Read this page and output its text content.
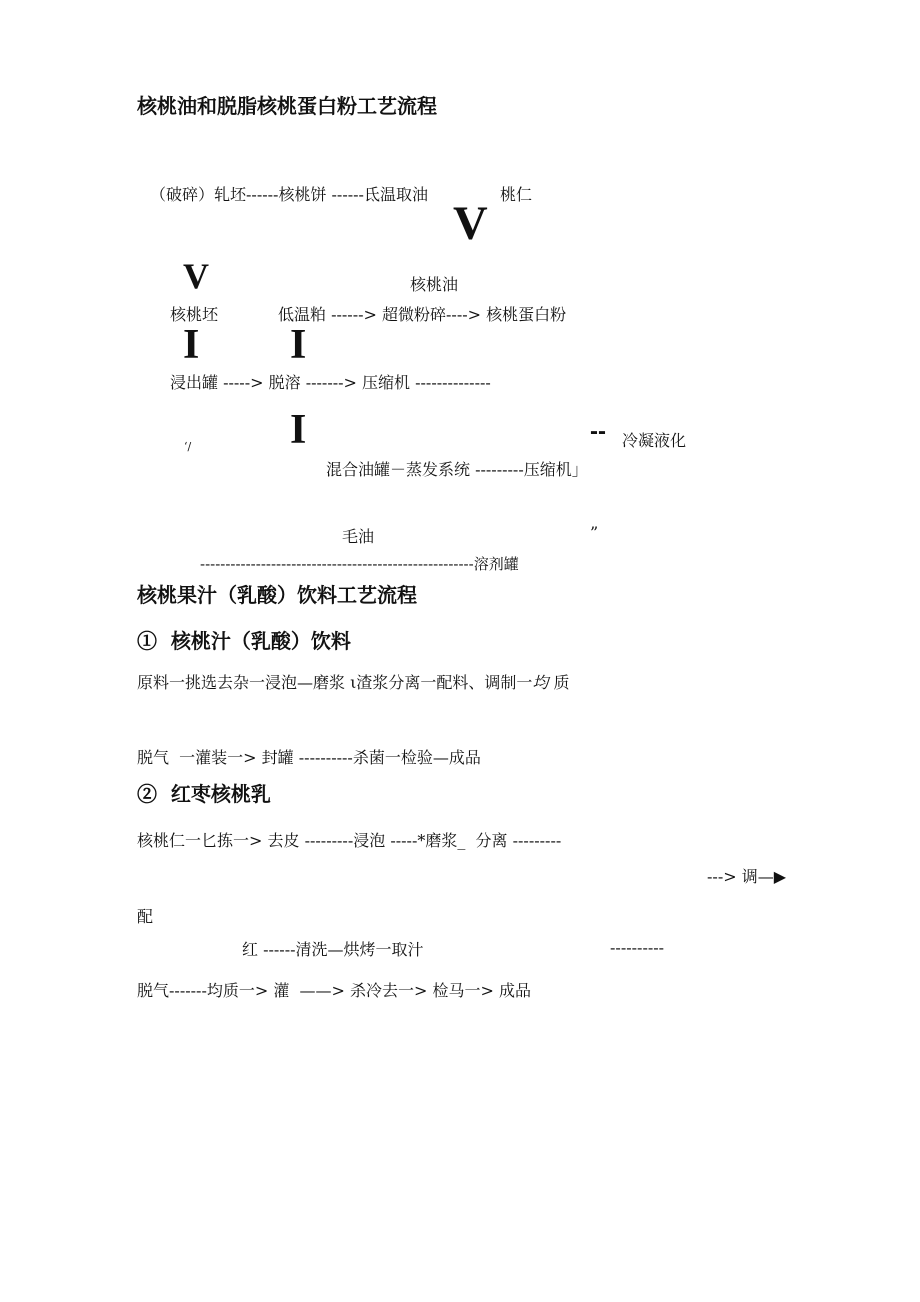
核桃油和脱脂核桃蛋白粉工艺流程
（破碎）轧坯------核桃饼 ------氐温取油	桃仁
V
V	核桃油
核桃坯	低温粕 ------> 超微粉碎----> 核桃蛋白粉
I I
浸出罐 -----> 脱溶 -------> 压缩机 --------------
‘/ I	-- 冷凝液化
混合油罐－蒸发系统 ---------压缩机」
毛油	”
------------------------------------------------------溶剂罐
核桃果汁（乳酸）饮料工艺流程
①  核桃汁（乳酸）饮料
原料一挑选去杂一浸泡—磨浆 ι渣浆分离一配料、调制一均 质
脱气  一灌装一> 封罐 ----------杀菌一检验—成品
②  红枣核桃乳
核桃仁一匕拣一> 去皮 ---------浸泡 -----*磨浆_  分离 ---------
---> 调—▶
配
红 ------清洗—烘烤一取汁	----------
脱气-------均质一> 灌  ——> 杀冷去一> 检马一> 成品
